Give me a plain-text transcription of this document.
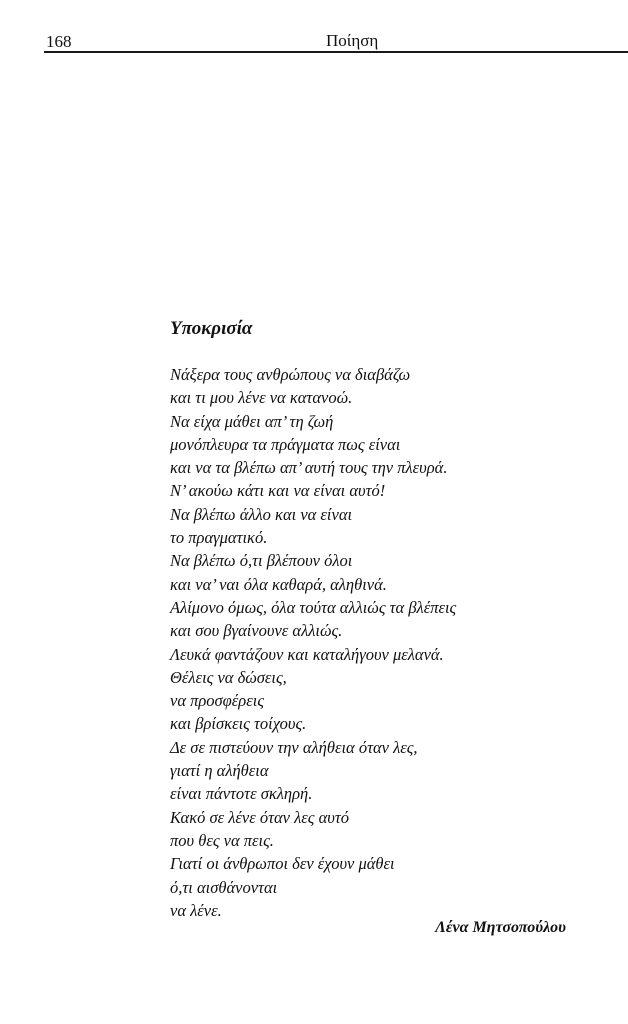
168	Ποίηση
Υποκρισία
Νάξερα τους ανθρώπους να διαβάζω
και τι μου λένε να κατανοώ.
Να είχα μάθει απ’ τη ζωή
μονόπλευρα τα πράγματα πως είναι
και να τα βλέπω απ’ αυτή τους την πλευρά.
Ν’ ακούω κάτι και να είναι αυτό!
Να βλέπω άλλο και να είναι
το πραγματικό.
Να βλέπω ό,τι βλέπουν όλοι
και να’ ναι όλα καθαρά, αληθινά.
Αλίμονο όμως, όλα τούτα αλλιώς τα βλέπεις
και σου βγαίνουνε αλλιώς.
Λευκά φαντάζουν και καταλήγουν μελανά.
Θέλεις να δώσεις,
να προσφέρεις
και βρίσκεις τοίχους.
Δε σε πιστεύουν την αλήθεια όταν λες,
γιατί η αλήθεια
είναι πάντοτε σκληρή.
Κακό σε λένε όταν λες αυτό
που θες να πεις.
Γιατί οι άνθρωποι δεν έχουν μάθει
ό,τι αισθάνονται
να λένε.
Λένα Μητσοπούλου
